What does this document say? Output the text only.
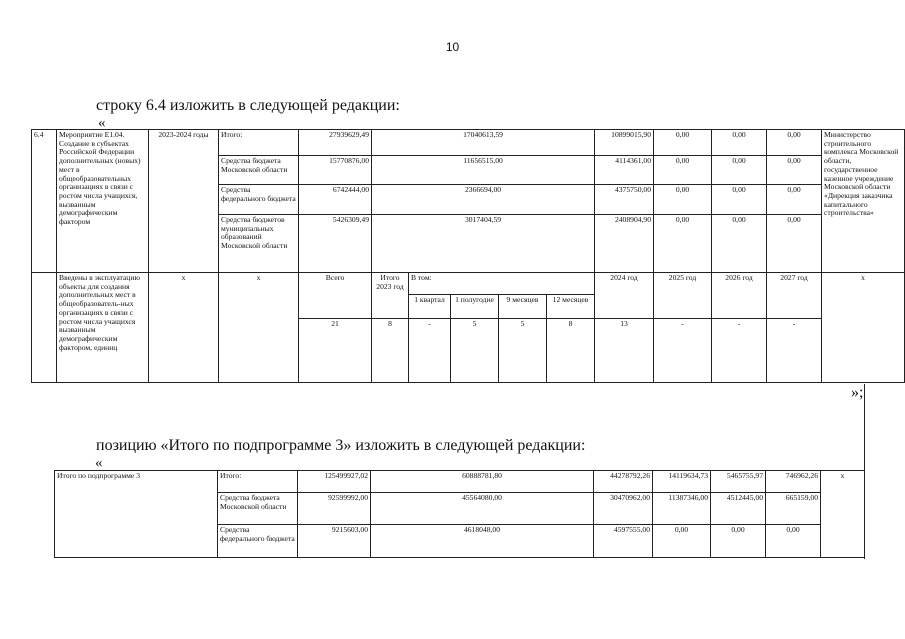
10
строку 6.4 изложить в следующей редакции:
«
6.4	Мероприятие Е1.04. Создание в субъектах Российской Федерации дополнительных (новых) мест в общеобразовательных организациях в связи с ростом числа учащихся, вызванным демографическим фактором	2023-2024 годы	Итого:	27939629,49	17040613,59					10899015,90	0,00	0,00	0,00	Министерство строительного комплекса Московской области, государственное казенное учреждение Московской области «Дирекция заказчика капитального строительства»
			Средства бюджета Московской области	15770876,00	11656515,00					4114361,00	0,00	0,00	0,00	
			Средства федерального бюджета	6742444,00	2366694,00					4375750,00	0,00	0,00	0,00	
			Средства бюджетов муниципальных образований Московской области	5426309,49	3017404,59					2408904,90	0,00	0,00	0,00	
	Введены в эксплуатацию объекты для создания дополнительных мест в общеобразователь-ных организациях в связи с ростом числа учащихся вызванным демографическим фактором, единиц	x	x	Всего	Итого 2023 год	В том:				2024 год	2025 год	2026 год	2027 год	x
						1 квартал	1 полугодие	9 месяцев	12 месяцев					
				21	8	-	5	5	8	13	-	-	-	
»;
позицию «Итого по подпрограмме 3» изложить в следующей редакции:
«
Итого по подпрограмме 3	Итого:	125499927,02	60888781,80	44278792,26	14119634,73	5465755,97	746962,26	x
	Средства бюджета Московской области	92599992,00	45564080,00	30470962,00	11387346,00	4512445,00	665159,00	
	Средства федерального бюджета	9215603,00	4618048,00	4597555,00	0,00	0,00	0,00	
